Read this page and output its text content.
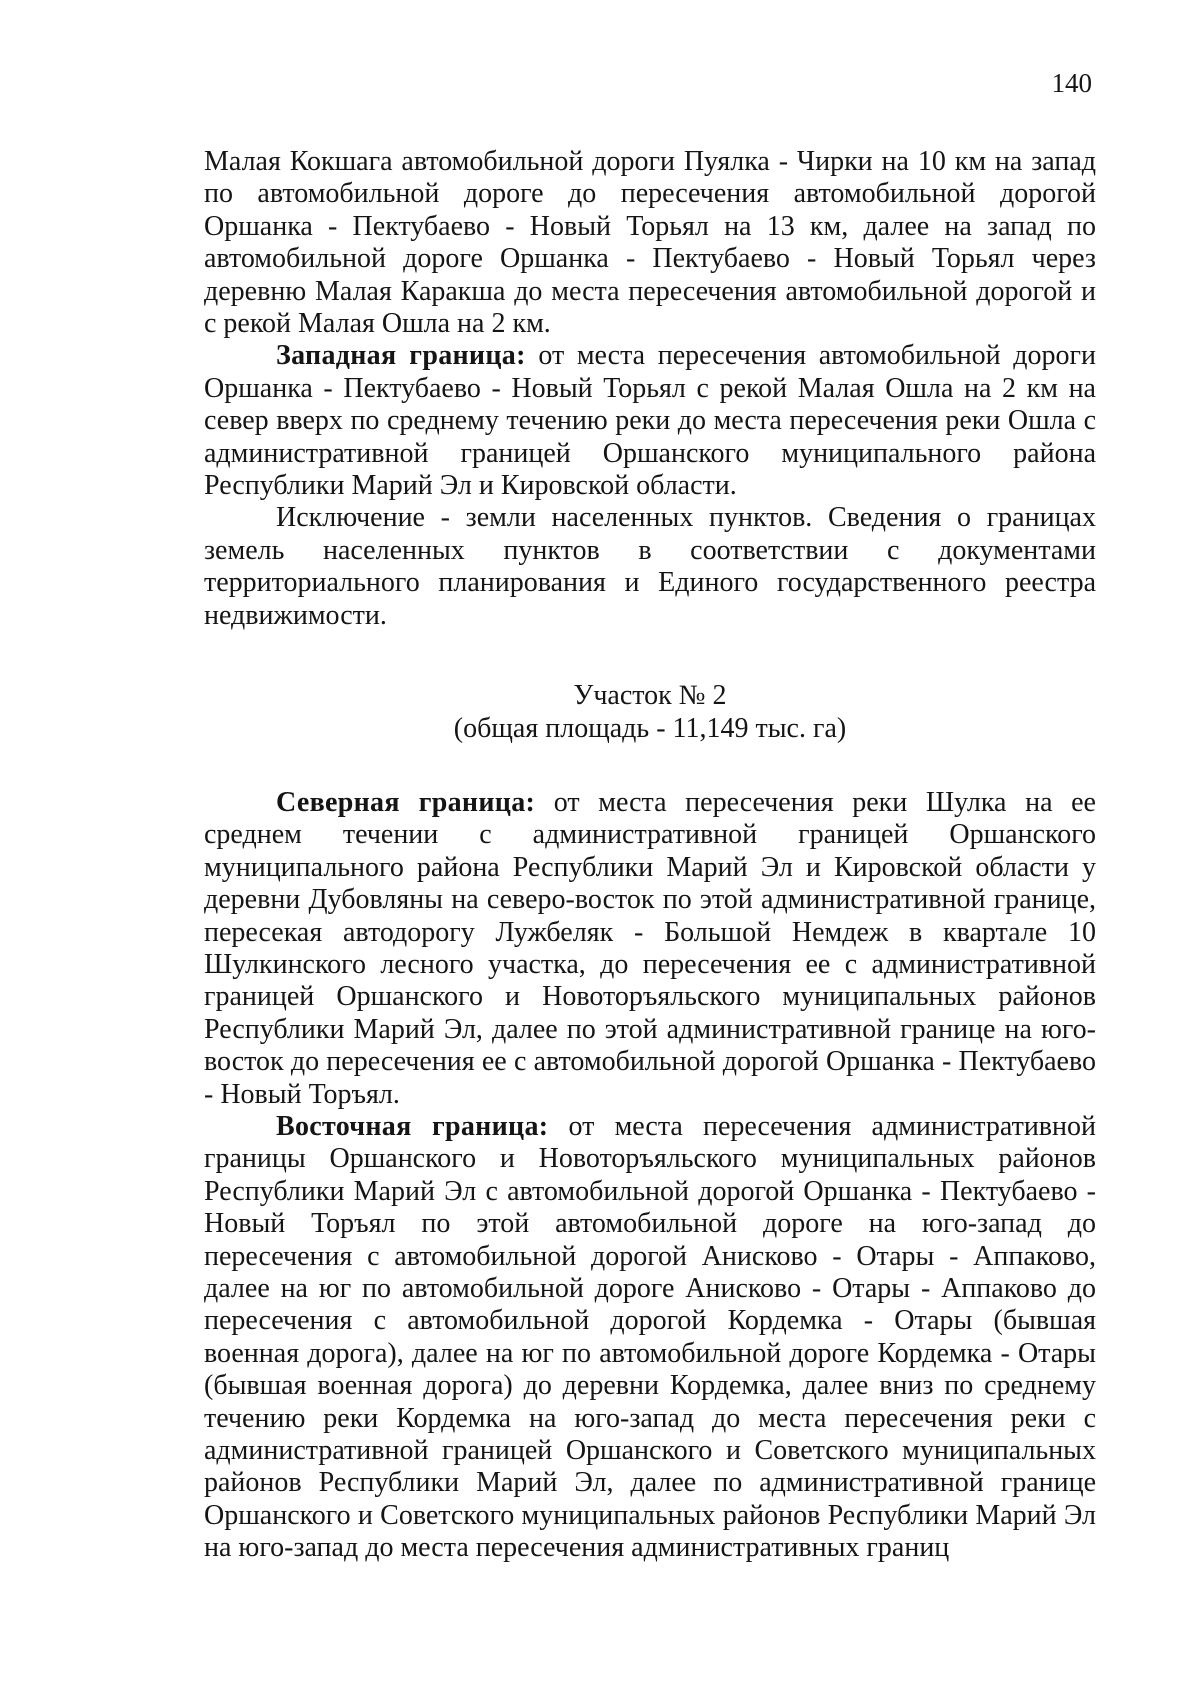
140

Малая Кокшага автомобильной дороги Пуялка - Чирки на 10 км на запад по автомобильной дороге до пересечения автомобильной дорогой Оршанка - Пектубаево - Новый Торьял на 13 км, далее на запад по автомобильной дороге Оршанка - Пектубаево - Новый Торьял через деревню Малая Каракша до места пересечения автомобильной дорогой и с рекой Малая Ошла на 2 км.

Западная граница: от места пересечения автомобильной дороги Оршанка - Пектубаево - Новый Торьял с рекой Малая Ошла на 2 км на север вверх по среднему течению реки до места пересечения реки Ошла с административной границей Оршанского муниципального района Республики Марий Эл и Кировской области.

Исключение - земли населенных пунктов. Сведения о границах земель населенных пунктов в соответствии с документами территориального планирования и Единого государственного реестра недвижимости.

Участок № 2
(общая площадь - 11,149 тыс. га)

Северная граница: от места пересечения реки Шулка на ее среднем течении с административной границей Оршанского муниципального района Республики Марий Эл и Кировской области у деревни Дубовляны на северо-восток по этой административной границе, пересекая автодорогу Лужбеляк - Большой Немдеж в квартале 10 Шулкинского лесного участка, до пересечения ее с административной границей Оршанского и Новоторъяльского муниципальных районов Республики Марий Эл, далее по этой административной границе на юго-восток до пересечения ее с автомобильной дорогой Оршанка - Пектубаево - Новый Торъял.

Восточная граница: от места пересечения административной границы Оршанского и Новоторъяльского муниципальных районов Республики Марий Эл с автомобильной дорогой Оршанка - Пектубаево - Новый Торъял по этой автомобильной дороге на юго-запад до пересечения с автомобильной дорогой Анисково - Отары - Аппаково, далее на юг по автомобильной дороге Анисково - Отары - Аппаково до пересечения с автомобильной дорогой Кордемка - Отары (бывшая военная дорога), далее на юг по автомобильной дороге Кордемка - Отары (бывшая военная дорога) до деревни Кордемка, далее вниз по среднему течению реки Кордемка на юго-запад до места пересечения реки с административной границей Оршанского и Советского муниципальных районов Республики Марий Эл, далее по административной границе Оршанского и Советского муниципальных районов Республики Марий Эл на юго-запад до места пересечения административных границ
